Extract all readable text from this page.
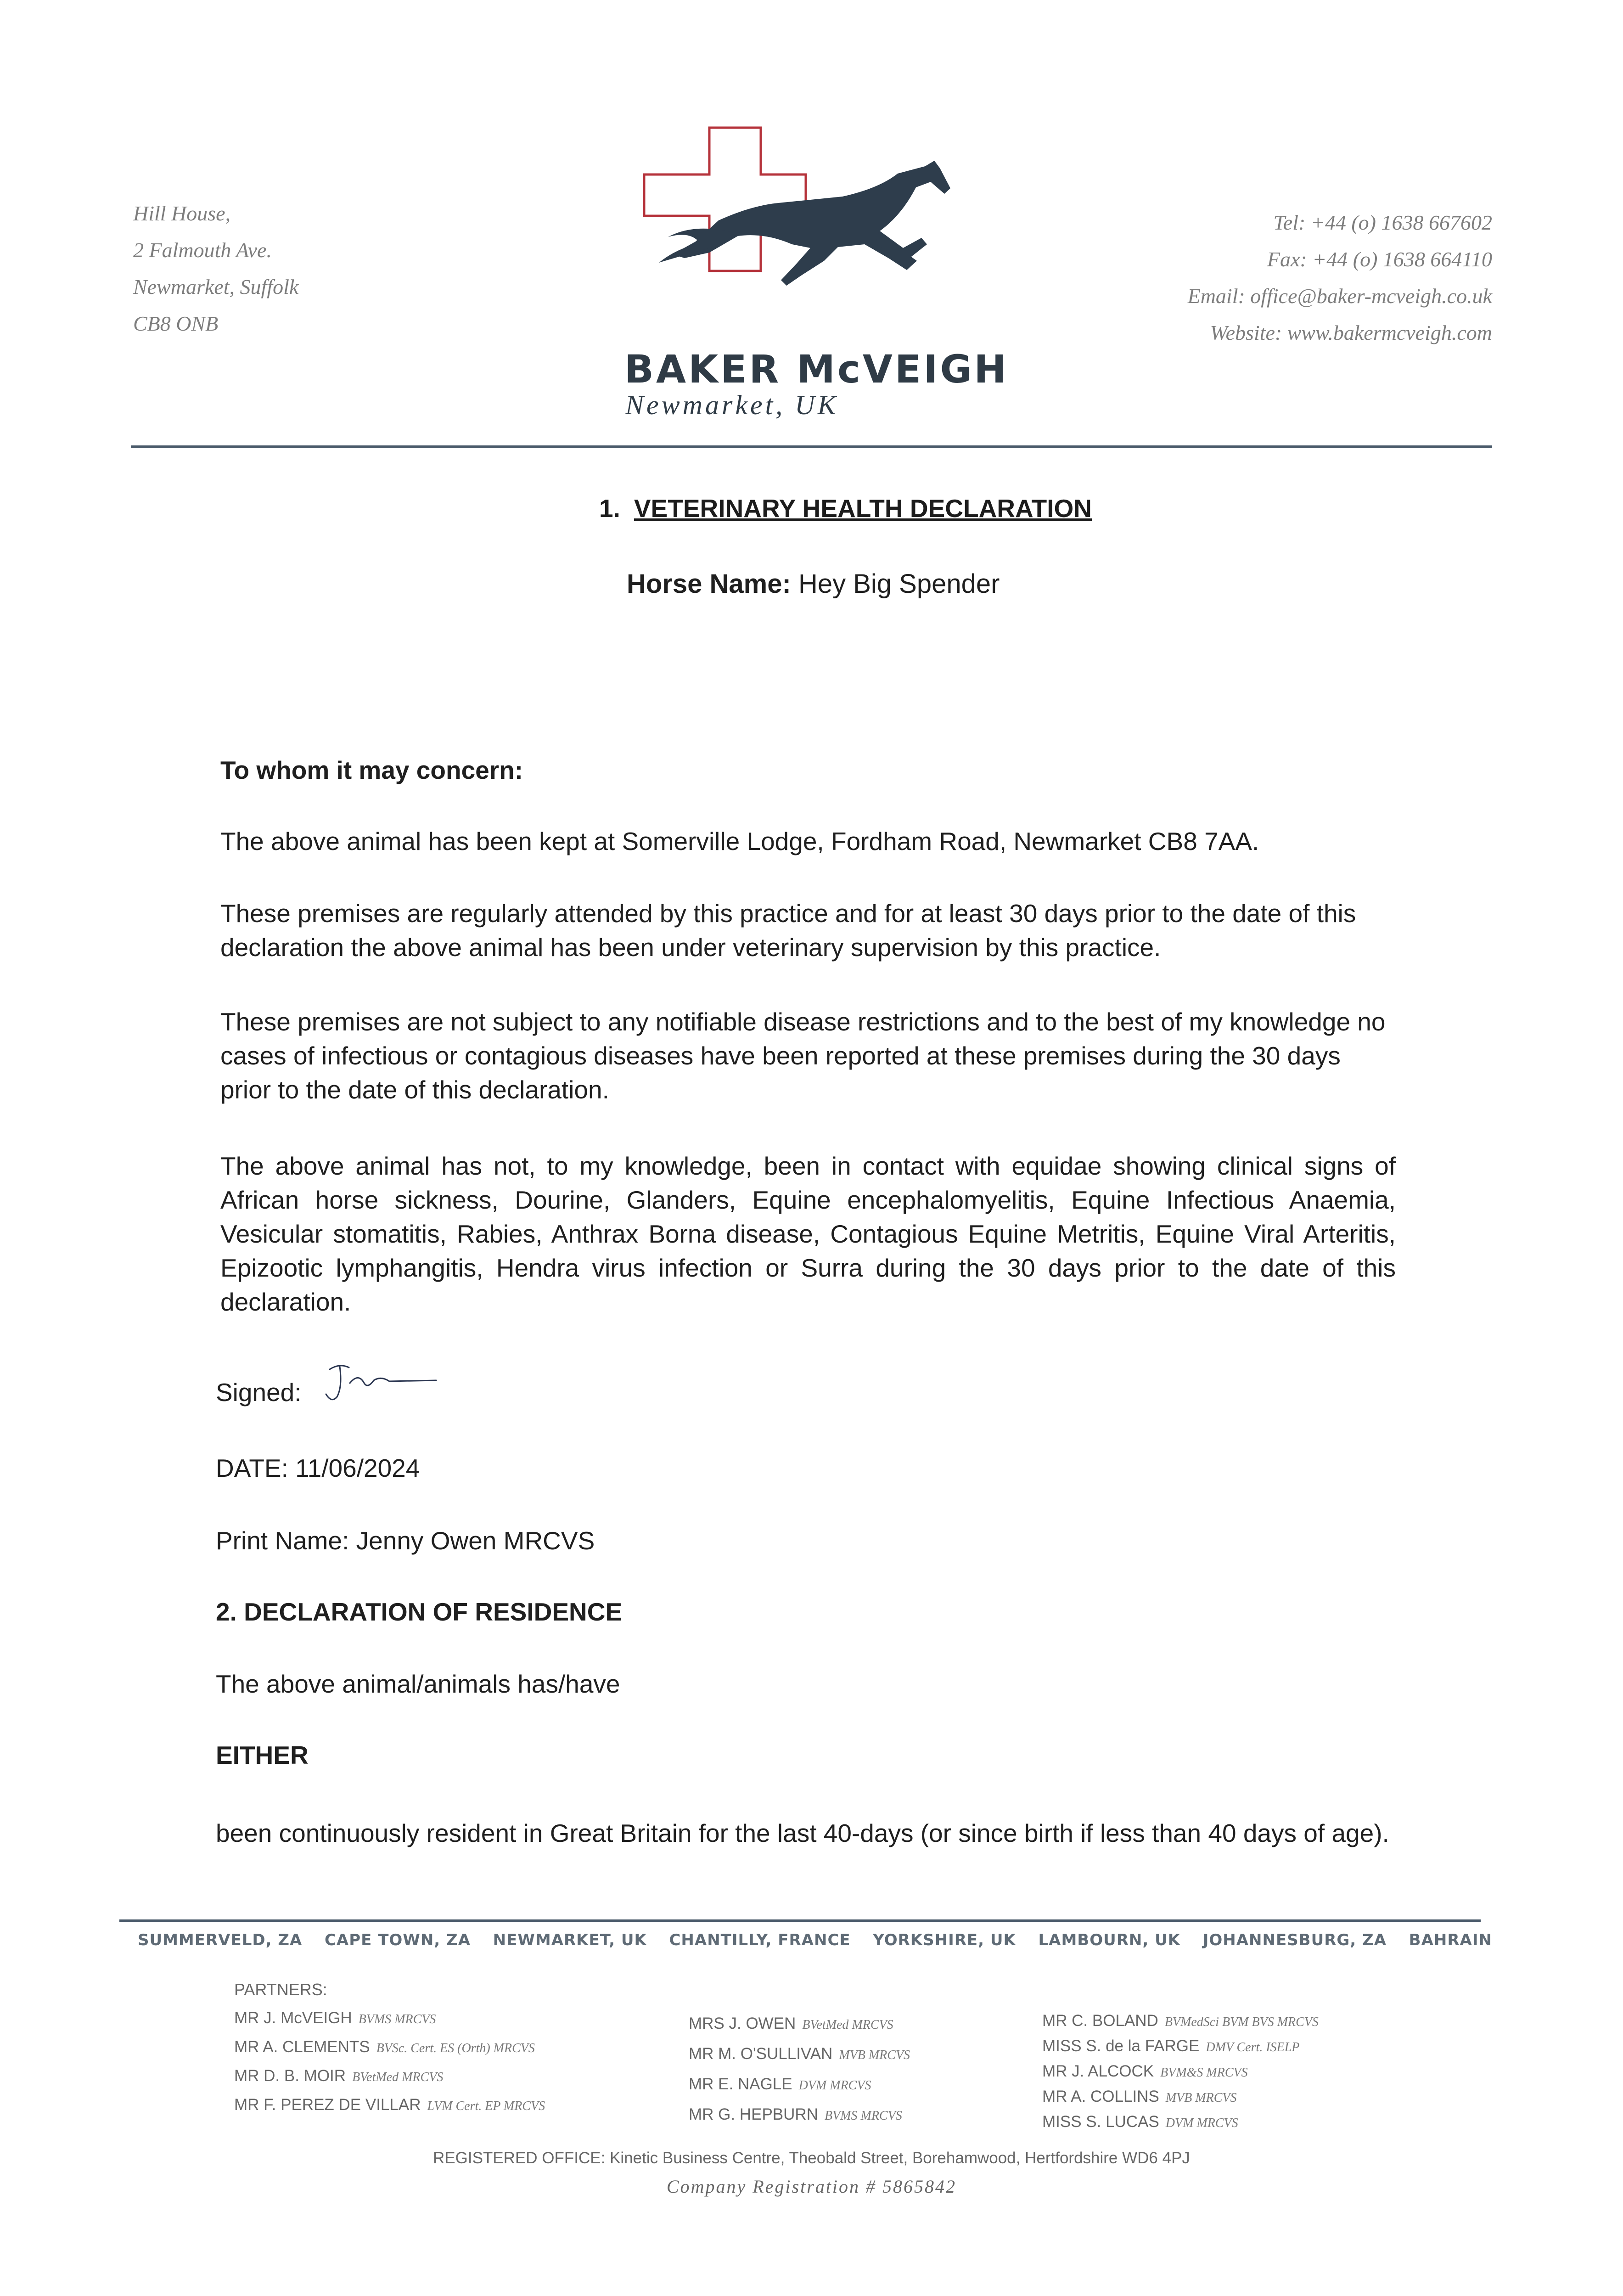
Hill House,
2 Falmouth Ave.
Newmarket, Suffolk
CB8 ONB
BAKER McVEIGH
Newmarket, UK
Tel: +44 (o) 1638 667602
Fax: +44 (o) 1638 664110
Email: office@baker-mcveigh.co.uk
Website: www.bakermcveigh.com
1. VETERINARY HEALTH DECLARATION
Horse Name: Hey Big Spender
To whom it may concern:
The above animal has been kept at Somerville Lodge, Fordham Road, Newmarket CB8 7AA.
These premises are regularly attended by this practice and for at least 30 days prior to the date of this declaration the above animal has been under veterinary supervision by this practice.
These premises are not subject to any notifiable disease restrictions and to the best of my knowledge no cases of infectious or contagious diseases have been reported at these premises during the 30 days prior to the date of this declaration.
The above animal has not, to my knowledge, been in contact with equidae showing clinical signs of African horse sickness, Dourine, Glanders, Equine encephalomyelitis, Equine Infectious Anaemia, Vesicular stomatitis, Rabies, Anthrax Borna disease, Contagious Equine Metritis, Equine Viral Arteritis, Epizootic lymphangitis, Hendra virus infection or Surra during the 30 days prior to the date of this declaration.
Signed:
DATE: 11/06/2024
Print Name: Jenny Owen MRCVS
2. DECLARATION OF RESIDENCE
The above animal/animals has/have
EITHER
been continuously resident in Great Britain for the last 40-days (or since birth if less than 40 days of age).
SUMMERVELD, ZA CAPE TOWN, ZA NEWMARKET, UK CHANTILLY, FRANCE YORKSHIRE, UK LAMBOURN, UK JOHANNESBURG, ZA BAHRAIN
PARTNERS:
MR J. McVEIGH BVMS MRCVS
MR A. CLEMENTS BVSc. Cert. ES (Orth) MRCVS
MR D. B. MOIR BVetMed MRCVS
MR F. PEREZ DE VILLAR LVM Cert. EP MRCVS
MRS J. OWEN BVetMed MRCVS
MR M. O'SULLIVAN MVB MRCVS
MR E. NAGLE DVM MRCVS
MR G. HEPBURN BVMS MRCVS
MR C. BOLAND BVMedSci BVM BVS MRCVS
MISS S. de la FARGE DMV Cert. ISELP
MR J. ALCOCK BVM&S MRCVS
MR A. COLLINS MVB MRCVS
MISS S. LUCAS DVM MRCVS
REGISTERED OFFICE: Kinetic Business Centre, Theobald Street, Borehamwood, Hertfordshire WD6 4PJ
Company Registration # 5865842
